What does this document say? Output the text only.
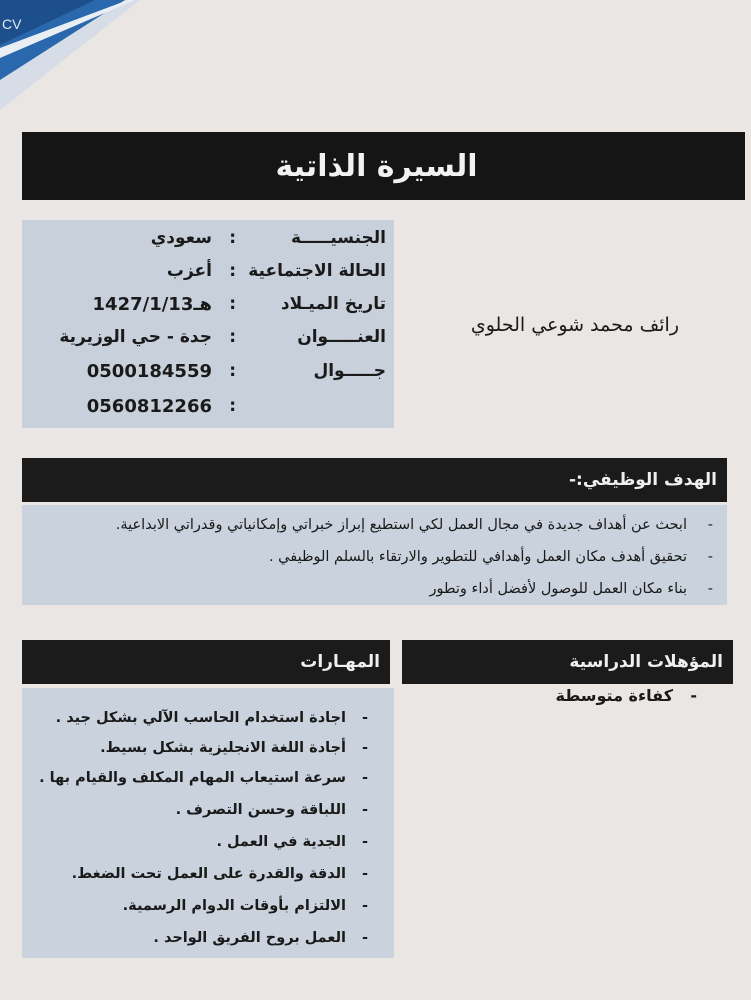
CV
السيرة الذاتية
الجنسيـــــة
:
سعودي
الحالة الاجتماعية
:
أعزب
تاريخ الميـلاد
:
1427/1/13هـ
العنـــــوان
:
جدة - حي الوزيرية
جـــــوال
:
0500184559
:
0560812266
رائف محمد شوعي الحلوي
الهدف الوظيفي:-
-ابحث عن أهداف جديدة في مجال العمل لكي استطيع إبراز خبراتي وإمكانياتي وقدراتي الابداعية.
-تحقيق أهدف مكان العمل وأهدافي للتطوير والارتقاء بالسلم الوظيفي .
-بناء مكان العمل للوصول لأفضل أداء وتطور
المهـارات
-اجادة استخدام الحاسب الآلي بشكل جيد .
-أجادة اللغة الانجليزية بشكل بسيط.
-سرعة استيعاب المهام المكلف والقيام بها .
-اللباقة وحسن التصرف .
-الجدية في العمل .
-الدقة والقدرة على العمل تحت الضغط.
-الالتزام بأوقات الدوام الرسمية.
-العمل بروح الفريق الواحد .
المؤهلات الدراسية
-كفاءة متوسطة
